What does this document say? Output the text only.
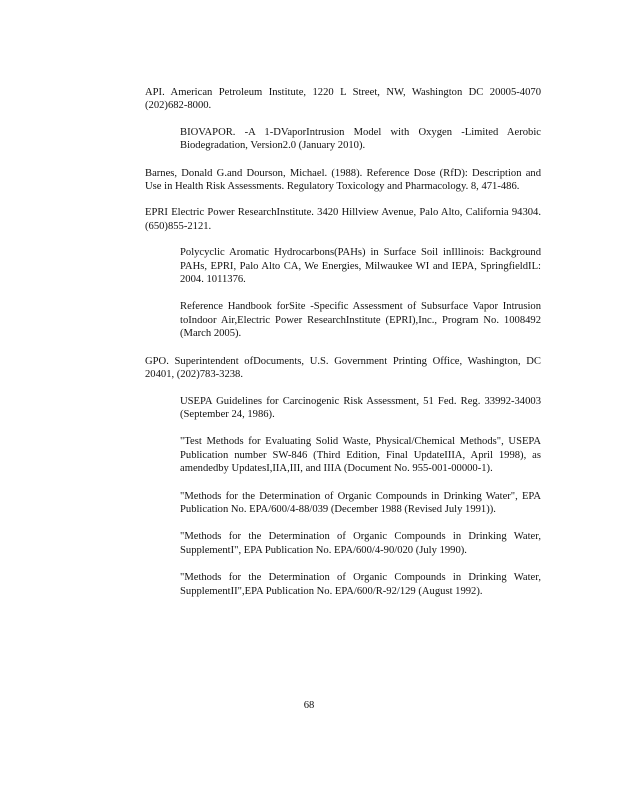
API. American Petroleum Institute, 1220 L Street, NW, Washington DC 20005-4070 (202)682-8000.

BIOVAPOR. -A 1-DVaporIntrusion Model with Oxygen -Limited Aerobic Biodegradation, Version2.0 (January 2010).

Barnes, Donald G.and Dourson, Michael. (1988). Reference Dose (RfD): Description and Use in Health Risk Assessments. Regulatory Toxicology and Pharmacology. 8, 471-486.

EPRI Electric Power ResearchInstitute. 3420 Hillview Avenue, Palo Alto, California 94304. (650)855-2121.

Polycyclic Aromatic Hydrocarbons(PAHs) in Surface Soil inIllinois: Background PAHs, EPRI, Palo Alto CA, We Energies, Milwaukee WI and IEPA, SpringfieldIL: 2004. 1011376.

Reference Handbook forSite -Specific Assessment of Subsurface Vapor Intrusion toIndoor Air,Electric Power ResearchInstitute (EPRI),Inc., Program No. 1008492 (March 2005).

GPO. Superintendent ofDocuments, U.S. Government Printing Office, Washington, DC 20401, (202)783-3238.

USEPA Guidelines for Carcinogenic Risk Assessment, 51 Fed. Reg. 33992-34003 (September 24, 1986).

"Test Methods for Evaluating Solid Waste, Physical/Chemical Methods", USEPA Publication number SW-846 (Third Edition, Final UpdateIIIA, April 1998), as amendedby UpdatesI,IIA,III, and IIIA (Document No. 955-001-00000-1).

"Methods for the Determination of Organic Compounds in Drinking Water", EPA Publication No. EPA/600/4-88/039 (December 1988 (Revised July 1991)).

"Methods for the Determination of Organic Compounds in Drinking Water, SupplementI", EPA Publication No. EPA/600/4-90/020 (July 1990).

"Methods for the Determination of Organic Compounds in Drinking Water, SupplementII",EPA Publication No. EPA/600/R-92/129 (August 1992).

68
